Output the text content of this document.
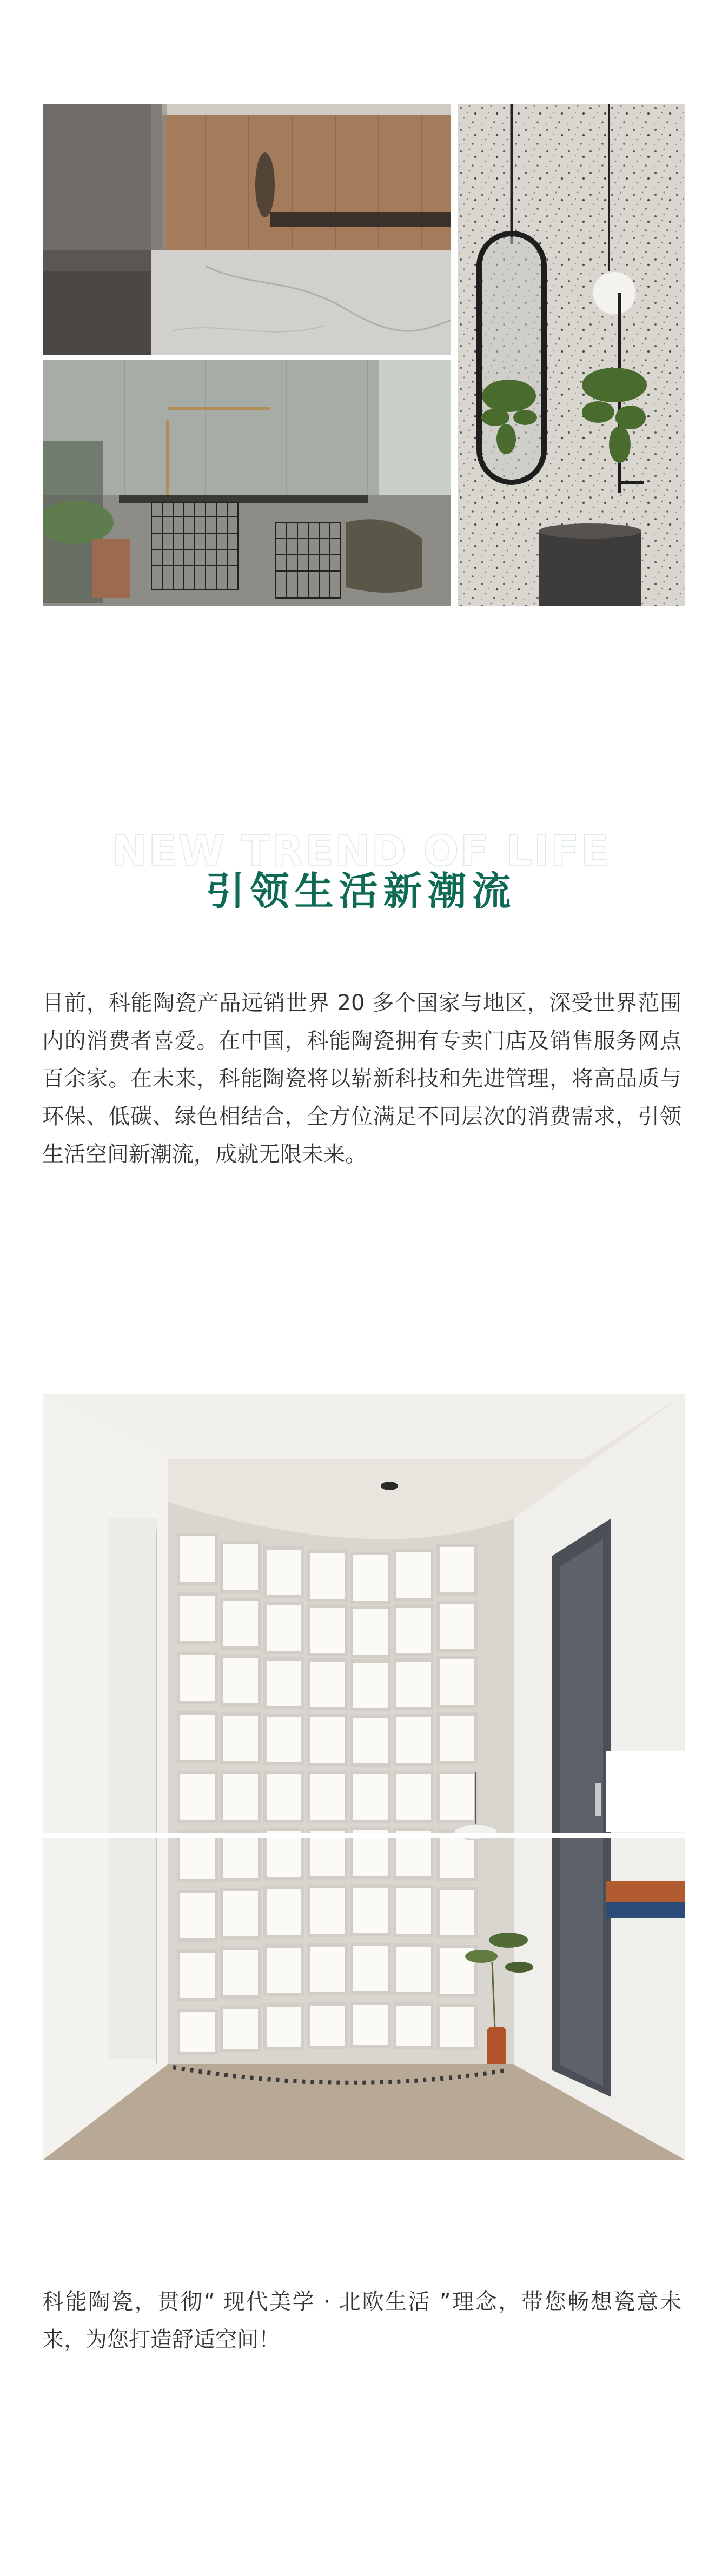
NEW TREND OF LIFE
引领生活新潮流
目前，科能陶瓷产品远销世界 20 多个国家与地区，深受世界范围内的消费者喜爱。在中国，科能陶瓷拥有专卖门店及销售服务网点百余家。在未来，科能陶瓷将以崭新科技和先进管理，将高品质与环保、低碳、绿色相结合，全方位满足不同层次的消费需求，引领生活空间新潮流，成就无限未来。
科能陶瓷，贯彻“ 现代美学 · 北欧生活 ”理念，带您畅想瓷意未来，为您打造舒适空间！
